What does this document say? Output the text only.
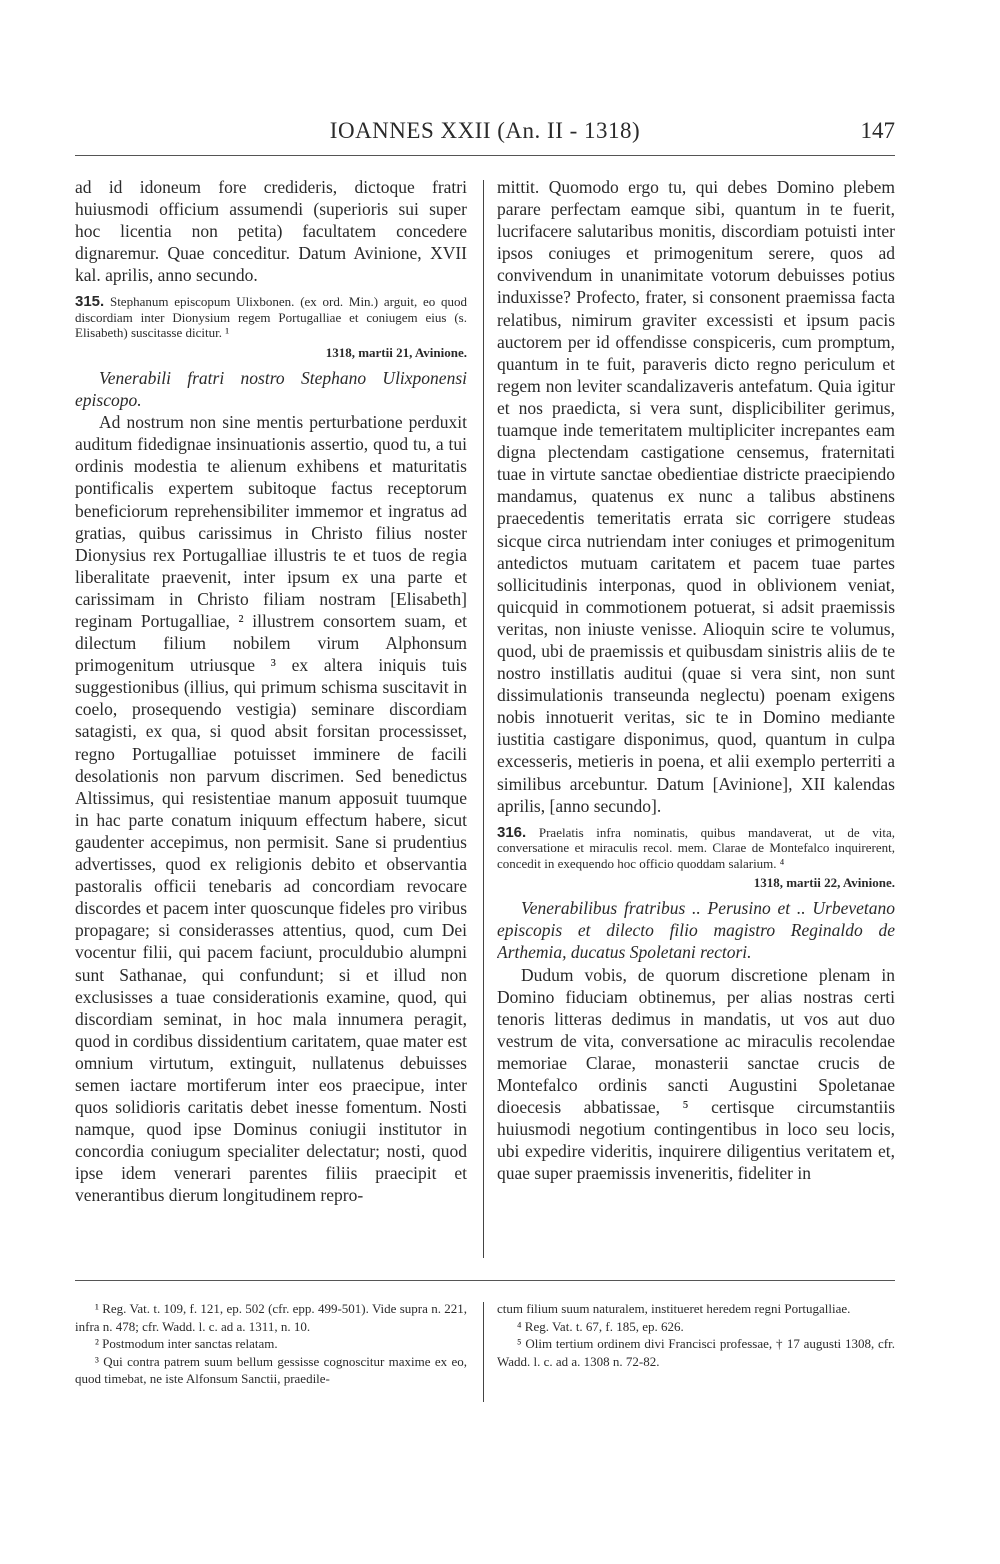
IOANNES XXII (An. II - 1318)	147

ad id idoneum fore credideris, dictoque fratri huiusmodi officium assumendi (superioris sui super hoc licentia non petita) facultatem concedere dignaremur. Quae conceditur. Datum Avinione, XVII kal. aprilis, anno secundo.

315. Stephanum episcopum Ulixbonen. (ex ord. Min.) arguit, eo quod discordiam inter Dionysium regem Portugalliae et coniugem eius (s. Elisabeth) suscitasse dicitur. ¹
1318, martii 21, Avinione.

Venerabili fratri nostro Stephano Ulixponensi episcopo.

Ad nostrum non sine mentis perturbatione perduxit auditum fidedignae insinuationis assertio, quod tu, a tui ordinis modestia te alienum exhibens et maturitatis pontificalis expertem subitoque factus receptorum beneficiorum reprehensibiliter immemor et ingratus ad gratias, quibus carissimus in Christo filius noster Dionysius rex Portugalliae illustris te et tuos de regia liberalitate praevenit, inter ipsum ex una parte et carissimam in Christo filiam nostram [Elisabeth] reginam Portugalliae, ² illustrem consortem suam, et dilectum filium nobilem virum Alphonsum primogenitum utriusque ³ ex altera iniquis tuis suggestionibus (illius, qui primum schisma suscitavit in coelo, prosequendo vestigia) seminare discordiam satagisti, ex qua, si quod absit forsitan processisset, regno Portugalliae potuisset imminere de facili desolationis non parvum discrimen. Sed benedictus Altissimus, qui resistentiae manum apposuit tuumque in hac parte conatum iniquum effectum habere, sicut gaudenter accepimus, non permisit. Sane si prudentius advertisses, quod ex religionis debito et observantia pastoralis officii tenebaris ad concordiam revocare discordes et pacem inter quoscunque fideles pro viribus propagare; si considerasses attentius, quod, cum Dei vocentur filii, qui pacem faciunt, proculdubio alumpni sunt Sathanae, qui confundunt; si et illud non exclusisses a tuae considerationis examine, quod, qui discordiam seminat, in hoc mala innumera peragit, quod in cordibus dissidentium caritatem, quae mater est omnium virtutum, extinguit, nullatenus debuisses semen iactare mortiferum inter eos praecipue, inter quos solidioris caritatis debet inesse fomentum. Nosti namque, quod ipse Dominus coniugii institutor in concordia coniugum specialiter delectatur; nosti, quod ipse idem venerari parentes filiis praecipit et venerantibus dierum longitudinem repro-

mittit. Quomodo ergo tu, qui debes Domino plebem parare perfectam eamque sibi, quantum in te fuerit, lucrifacere salutaribus monitis, discordiam potuisti inter ipsos coniuges et primogenitum serere, quos ad convivendum in unanimitate votorum debuisses potius induxisse? Profecto, frater, si consonent praemissa facta relatibus, nimirum graviter excessisti et ipsum pacis auctorem per id offendisse conspiceris, cum promptum, quantum in te fuit, paraveris dicto regno periculum et regem non leviter scandalizaveris antefatum. Quia igitur et nos praedicta, si vera sunt, displicibiliter gerimus, tuamque inde temeritatem multipliciter increpantes eam digna plectendam castigatione censemus, fraternitati tuae in virtute sanctae obedientiae districte praecipiendo mandamus, quatenus ex nunc a talibus abstinens praecedentis temeritatis errata sic corrigere studeas sicque circa nutriendam inter coniuges et primogenitum antedictos mutuam caritatem et pacem tuae partes sollicitudinis interponas, quod in oblivionem veniat, quicquid in commotionem potuerat, si adsit praemissis veritas, non iniuste venisse. Alioquin scire te volumus, quod, ubi de praemissis et quibusdam sinistris aliis de te nostro instillatis auditui (quae si vera sint, non sunt dissimulationis transeunda neglectu) poenam exigens nobis innotuerit veritas, sic te in Domino mediante iustitia castigare disponimus, quod, quantum in culpa excesseris, metieris in poena, et alii exemplo perterriti a similibus arcebuntur. Datum [Avinione], XII kalendas aprilis, [anno secundo].

316. Praelatis infra nominatis, quibus mandaverat, ut de vita, conversatione et miraculis recol. mem. Clarae de Montefalco inquirerent, concedit in exequendo hoc officio quoddam salarium. ⁴
1318, martii 22, Avinione.

Venerabilibus fratribus .. Perusino et .. Urbevetano episcopis et dilecto filio magistro Reginaldo de Arthemia, ducatus Spoletani rectori.

Dudum vobis, de quorum discretione plenam in Domino fiduciam obtinemus, per alias nostras certi tenoris litteras dedimus in mandatis, ut vos aut duo vestrum de vita, conversatione ac miraculis recolendae memoriae Clarae, monasterii sanctae crucis de Montefalco ordinis sancti Augustini Spoletanae dioecesis abbatissae, ⁵ certisque circumstantiis huiusmodi negotium contingentibus in loco seu locis, ubi expedire videritis, inquirere diligentius veritatem et, quae super praemissis inveneritis, fideliter in

¹ Reg. Vat. t. 109, f. 121, ep. 502 (cfr. epp. 499-501). Vide supra n. 221, infra n. 478; cfr. Wadd. l. c. ad a. 1311, n. 10.
² Postmodum inter sanctas relatam.
³ Qui contra patrem suum bellum gessisse cognoscitur maxime ex eo, quod timebat, ne iste Alfonsum Sanctii, praedile-
ctum filium suum naturalem, institueret heredem regni Portugalliae.
⁴ Reg. Vat. t. 67, f. 185, ep. 626.
⁵ Olim tertium ordinem divi Francisci professae, † 17 augusti 1308, cfr. Wadd. l. c. ad a. 1308 n. 72-82.
